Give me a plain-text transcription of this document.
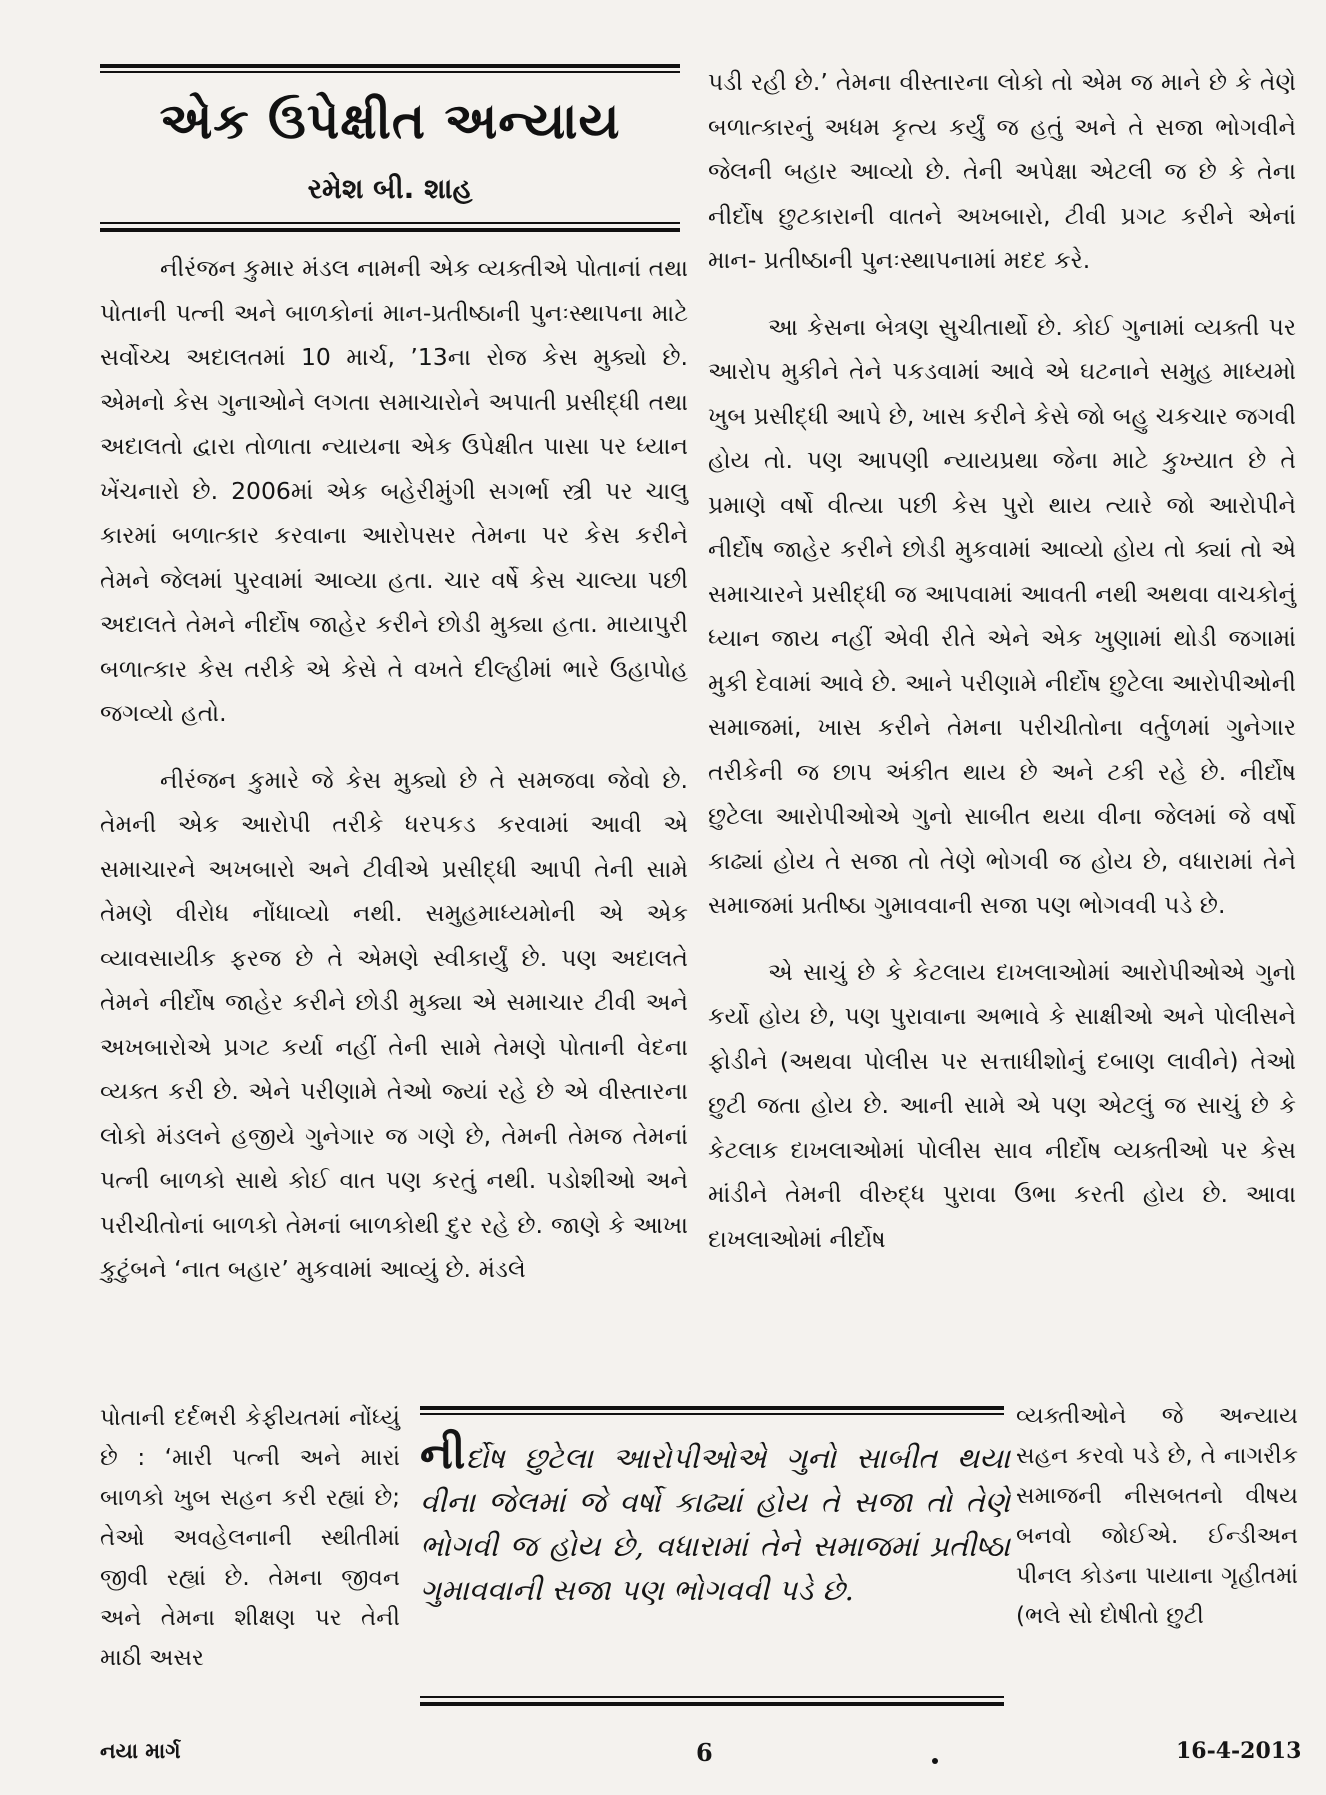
એક ઉપેક્ષીત અન્યાય
રમેશ બી. શાહ

નીરંજન કુમાર મંડલ નામની એક વ્યક્તીએ પોતાનાં તથા પોતાની પત્ની અને બાળકોનાં માન-પ્રતીષ્ઠાની પુનઃસ્થાપના માટે સર્વોચ્ચ અદાલતમાં 10 માર્ચ, ’13ના રોજ કેસ મુક્યો છે. એમનો કેસ ગુનાઓને લગતા સમાચારોને અપાતી પ્રસીદ્ધી તથા અદાલતો દ્વારા તોળાતા ન્યાયના એક ઉપેક્ષીત પાસા પર ધ્યાન ખેંચનારો છે. 2006માં એક બહેરીમુંગી સગર્ભા સ્ત્રી પર ચાલુ કારમાં બળાત્કાર કરવાના આરોપસર તેમના પર કેસ કરીને તેમને જેલમાં પુરવામાં આવ્યા હતા. ચાર વર્ષે કેસ ચાલ્યા પછી અદાલતે તેમને નીર્દોષ જાહેર કરીને છોડી મુક્યા હતા. માયાપુરી બળાત્કાર કેસ તરીકે એ કેસે તે વખતે દીલ્હીમાં ભારે ઉહાપોહ જગવ્યો હતો.

નીરંજન કુમારે જે કેસ મુક્યો છે તે સમજવા જેવો છે. તેમની એક આરોપી તરીકે ધરપકડ કરવામાં આવી એ સમાચારને અખબારો અને ટીવીએ પ્રસીદ્ધી આપી તેની સામે તેમણે વીરોધ નોંધાવ્યો નથી. સમુહમાધ્યમોની એ એક વ્યાવસાયીક ફરજ છે તે એમણે સ્વીકાર્યું છે. પણ અદાલતે તેમને નીર્દોષ જાહેર કરીને છોડી મુક્યા એ સમાચાર ટીવી અને અખબારોએ પ્રગટ કર્યા નહીં તેની સામે તેમણે પોતાની વેદના વ્યક્ત કરી છે. એને પરીણામે તેઓ જ્યાં રહે છે એ વીસ્તારના લોકો મંડલને હજીયે ગુનેગાર જ ગણે છે, તેમની તેમજ તેમનાં પત્ની બાળકો સાથે કોઈ વાત પણ કરતું નથી. પડોશીઓ અને પરીચીતોનાં બાળકો તેમનાં બાળકોથી દુર રહે છે. જાણે કે આખા કુટુંબને ‘નાત બહાર’ મુકવામાં આવ્યું છે. મંડલે

પડી રહી છે.’ તેમના વીસ્તારના લોકો તો એમ જ માને છે કે તેણે બળાત્કારનું અધમ કૃત્ય કર્યું જ હતું અને તે સજા ભોગવીને જેલની બહાર આવ્યો છે. તેની અપેક્ષા એટલી જ છે કે તેના નીર્દોષ છુટકારાની વાતને અખબારો, ટીવી પ્રગટ કરીને એનાં માન- પ્રતીષ્ઠાની પુનઃસ્થાપનામાં મદદ કરે.

આ કેસના બેત્રણ સુચીતાર્થો છે. કોઈ ગુનામાં વ્યક્તી પર આરોપ મુકીને તેને પકડવામાં આવે એ ઘટનાને સમુહ માધ્યમો ખુબ પ્રસીદ્ધી આપે છે, ખાસ કરીને કેસે જો બહુ ચકચાર જગવી હોય તો. પણ આપણી ન્યાયપ્રથા જેના માટે કુખ્યાત છે તે પ્રમાણે વર્ષો વીત્યા પછી કેસ પુરો થાય ત્યારે જો આરોપીને નીર્દોષ જાહેર કરીને છોડી મુકવામાં આવ્યો હોય તો ક્યાં તો એ સમાચારને પ્રસીદ્ધી જ આપવામાં આવતી નથી અથવા વાચકોનું ધ્યાન જાય નહીં એવી રીતે એને એક ખુણામાં થોડી જગામાં મુકી દેવામાં આવે છે. આને પરીણામે નીર્દોષ છુટેલા આરોપીઓની સમાજમાં, ખાસ કરીને તેમના પરીચીતોના વર્તુળમાં ગુનેગાર તરીકેની જ છાપ અંકીત થાય છે અને ટકી રહે છે. નીર્દોષ છુટેલા આરોપીઓએ ગુનો સાબીત થયા વીના જેલમાં જે વર્ષો કાઢ્યાં હોય તે સજા તો તેણે ભોગવી જ હોય છે, વધારામાં તેને સમાજમાં પ્રતીષ્ઠા ગુમાવવાની સજા પણ ભોગવવી પડે છે.

એ સાચું છે કે કેટલાય દાખલાઓમાં આરોપીઓએ ગુનો કર્યો હોય છે, પણ પુરાવાના અભાવે કે સાક્ષીઓ અને પોલીસને ફોડીને (અથવા પોલીસ પર સત્તાધીશોનું દબાણ લાવીને) તેઓ છુટી જતા હોય છે. આની સામે એ પણ એટલું જ સાચું છે કે કેટલાક દાખલાઓમાં પોલીસ સાવ નીર્દોષ વ્યક્તીઓ પર કેસ માંડીને તેમની વીરુદ્ધ પુરાવા ઉભા કરતી હોય છે. આવા દાખલાઓમાં નીર્દોષ

પોતાની દર્દભરી કેફીયતમાં નોંધ્યું છે : ‘મારી પત્ની અને મારાં બાળકો ખુબ સહન કરી રહ્યાં છે; તેઓ અવહેલનાની સ્થીતીમાં જીવી રહ્યાં છે. તેમના જીવન અને તેમના શીક્ષણ પર તેની માઠી અસર
નીર્દોષ છુટેલા આરોપીઓએ ગુનો સાબીત થયા વીના જેલમાં જે વર્ષો કાઢ્યાં હોય તે સજા તો તેણે ભોગવી જ હોય છે, વધારામાં તેને સમાજમાં પ્રતીષ્ઠા ગુમાવવાની સજા પણ ભોગવવી પડે છે.
વ્યક્તીઓને જે અન્યાય સહન કરવો પડે છે, તે નાગરીક સમાજની નીસબતનો વીષય બનવો જોઈએ. ઈન્ડીઅન પીનલ કોડના પાયાના ગૃહીતમાં (ભલે સો દોષીતો છુટી
નયા માર્ગ	6	16-4-2013
